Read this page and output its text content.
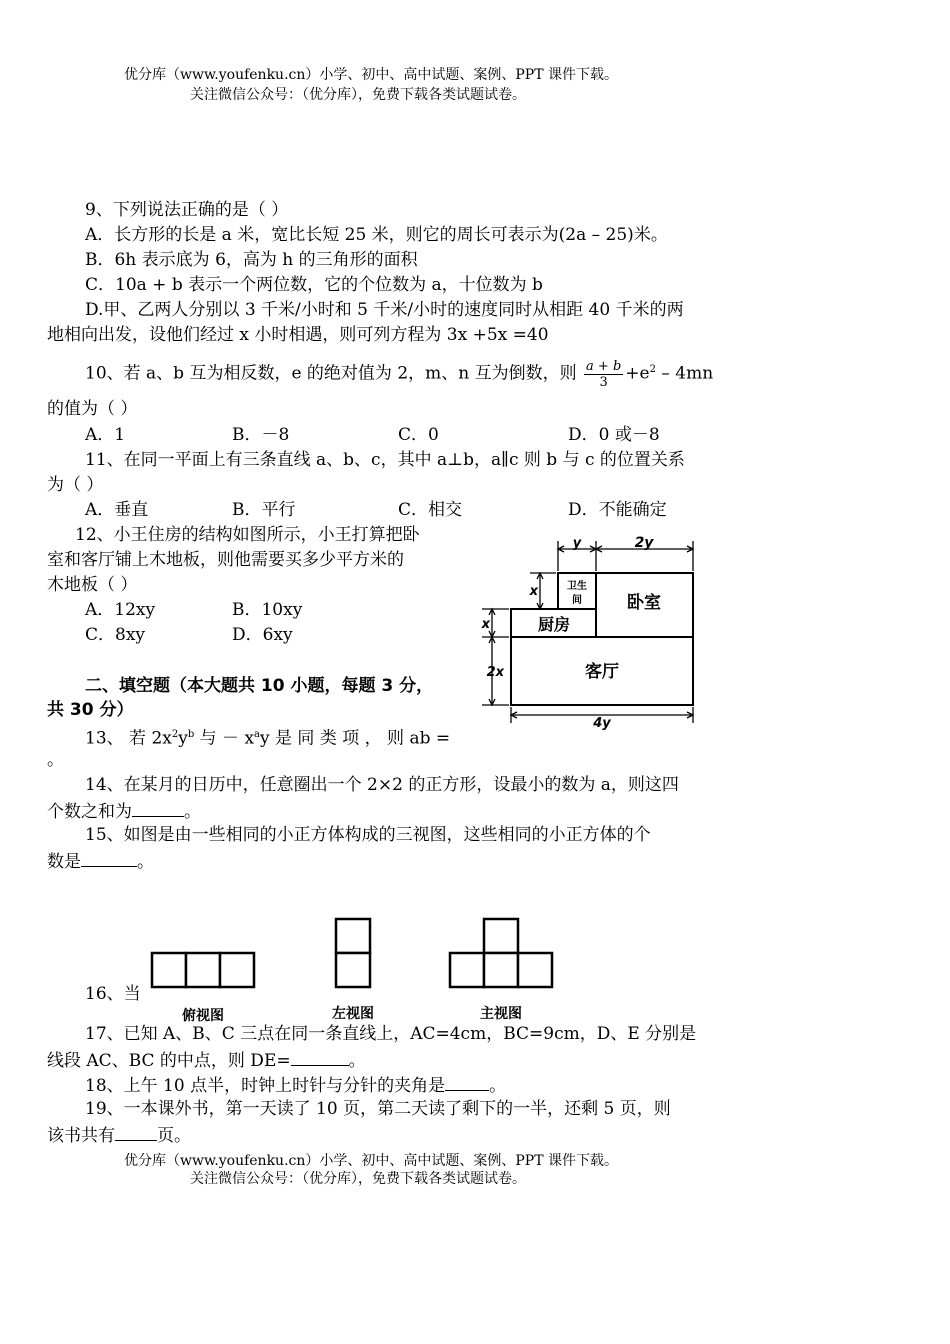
优分库（www.youfenku.cn）小学、初中、高中试题、案例、PPT 课件下载。
关注微信公众号：（优分库），免费下载各类试题试卷。
9、下列说法正确的是（ ）
A．长方形的长是 a 米，宽比长短 25 米，则它的周长可表示为(2a – 25)米。
B．6h 表示底为 6，高为 h 的三角形的面积
C．10a + b 表示一个两位数，它的个位数为 a，十位数为 b
D.甲、乙两人分别以 3 千米/小时和 5 千米/小时的速度同时从相距 40 千米的两
地相向出发，设他们经过 x 小时相遇，则可列方程为 3x +5x =40
10、若 a、b 互为相反数，e 的绝对值为 2，m、n 互为倒数，则 $\frac{a + b}{3} +e^2 - 4mn$
的值为（ ）
A．1	B．－8	C．0	D．0 或－8
11、在同一平面上有三条直线 a、b、c，其中 a⊥b，a∥c 则 b 与 c 的位置关系
为（ ）
A．垂直	B．平行	C．相交	D．不能确定
12、小王住房的结构如图所示，小王打算把卧
室和客厅铺上木地板，则他需要买多少平方米的
木地板（ ）
A．12xy	B．10xy
C．8xy	D．6xy
y	2y
x
x
2x
4y
卫生
间	卧室
厨房
客厅
二、填空题（本大题共 10 小题，每题 3 分，
共 30 分）
13、 若 $2x^2y^b$ 与 － $x^ay$ 是 同 类 项 ， 则 ab =
。
14、在某月的日历中，任意圈出一个 2×2 的正方形，设最小的数为 a，则这四
个数之和为	。
15、如图是由一些相同的小正方体构成的三视图，这些相同的小正方体的个
数是	。
16、当
俯视图	左视图	主视图
17、已知 A、B、C 三点在同一条直线上，AC=4cm，BC=9cm，D、E 分别是
线段 AC、BC 的中点，则 DE=	。
18、上午 10 点半，时钟上时针与分针的夹角是	。
19、一本课外书，第一天读了 10 页，第二天读了剩下的一半，还剩 5 页，则
该书共有 页。
优分库（www.youfenku.cn）小学、初中、高中试题、案例、PPT 课件下载。
关注微信公众号：（优分库），免费下载各类试题试卷。
